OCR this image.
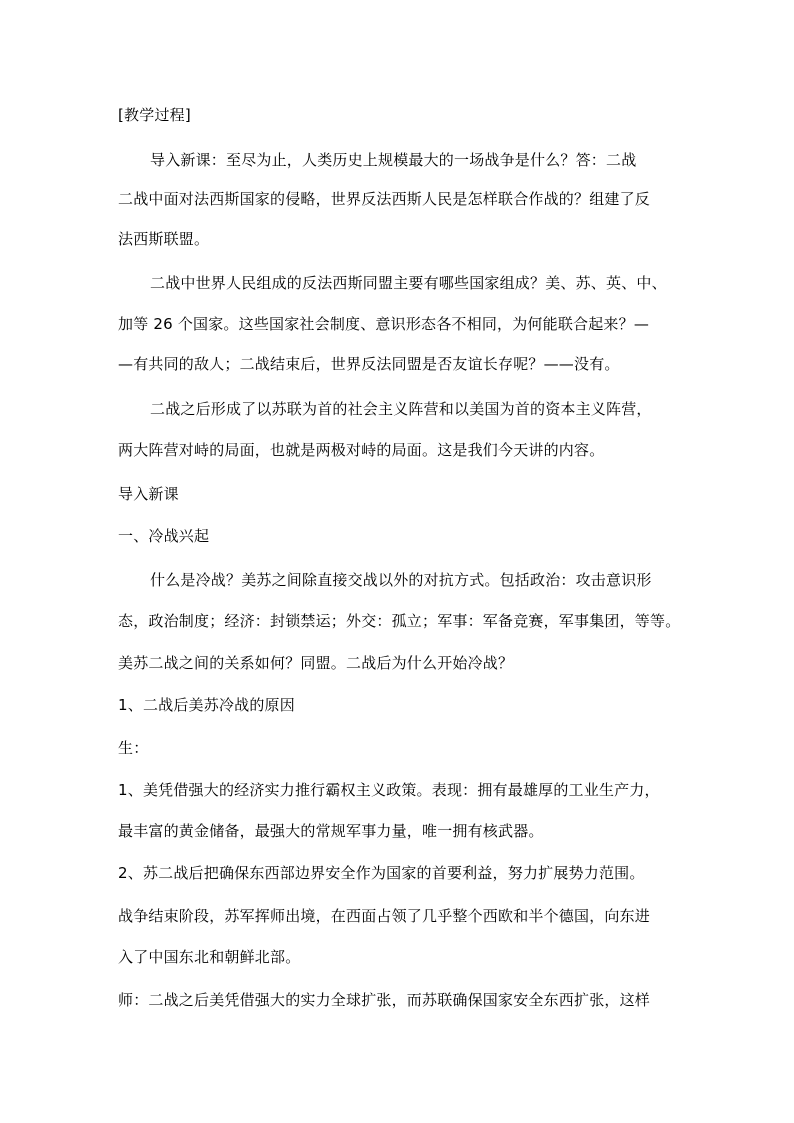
[教学过程]
导入新课：至尽为止，人类历史上规模最大的一场战争是什么？答：二战
二战中面对法西斯国家的侵略，世界反法西斯人民是怎样联合作战的？组建了反
法西斯联盟。
二战中世界人民组成的反法西斯同盟主要有哪些国家组成？美、苏、英、中、
加等 26 个国家。这些国家社会制度、意识形态各不相同，为何能联合起来？—
—有共同的敌人；二战结束后，世界反法同盟是否友谊长存呢？——没有。
二战之后形成了以苏联为首的社会主义阵营和以美国为首的资本主义阵营，
两大阵营对峙的局面，也就是两极对峙的局面。这是我们今天讲的内容。
导入新课
一、冷战兴起
什么是冷战？美苏之间除直接交战以外的对抗方式。包括政治：攻击意识形
态，政治制度；经济：封锁禁运；外交：孤立；军事：军备竞赛，军事集团，等等。
美苏二战之间的关系如何？同盟。二战后为什么开始冷战？
1、二战后美苏冷战的原因
生：
1、美凭借强大的经济实力推行霸权主义政策。表现：拥有最雄厚的工业生产力，
最丰富的黄金储备，最强大的常规军事力量，唯一拥有核武器。
2、苏二战后把确保东西部边界安全作为国家的首要利益，努力扩展势力范围。
战争结束阶段，苏军挥师出境，在西面占领了几乎整个西欧和半个德国，向东进
入了中国东北和朝鲜北部。
师：二战之后美凭借强大的实力全球扩张，而苏联确保国家安全东西扩张，这样
